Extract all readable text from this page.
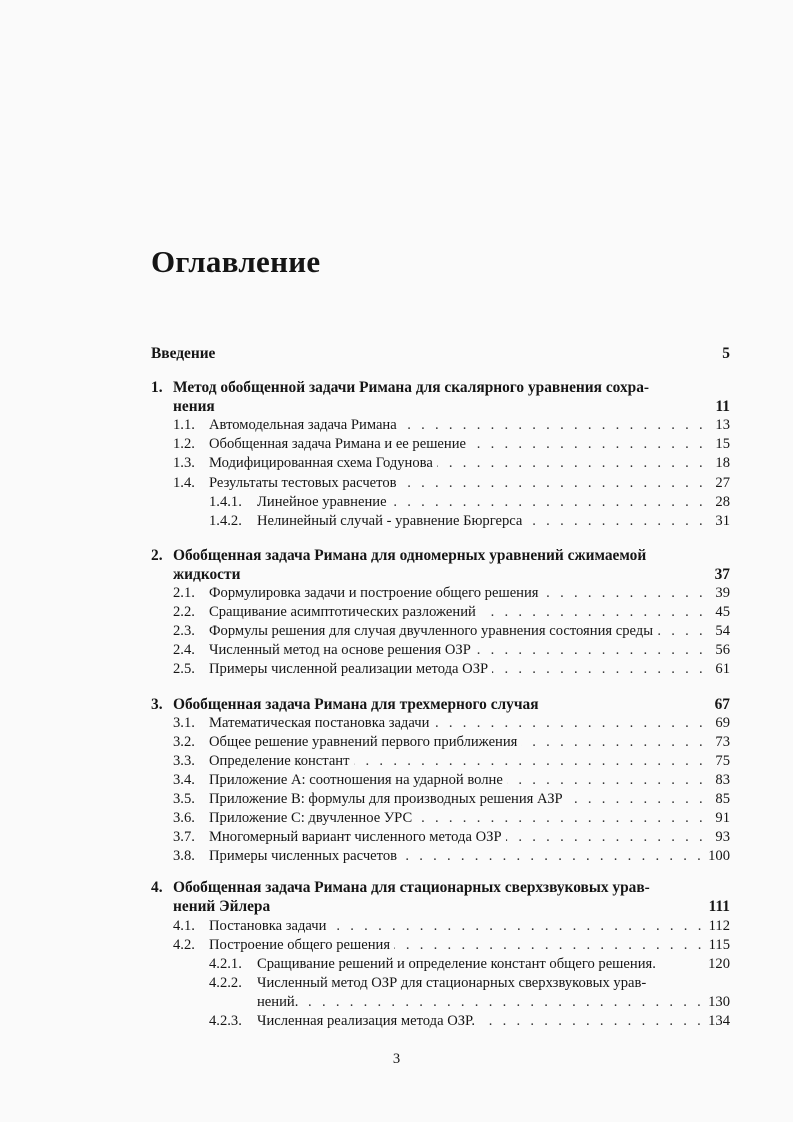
Оглавление
Введение	5
1. Метод обобщенной задачи Римана для скалярного уравнения сохра-
нения	11
1.1. Автомодельная задача Римана . . .	13
1.2. Обобщенная задача Римана и ее решение . . .	15
1.3. Модифицированная схема Годунова . . .	18
1.4. Результаты тестовых расчетов . . .	27
1.4.1.	Линейное уравнение . . .	28
1.4.2.	Нелинейный случай - уравнение Бюргерса . . .	31
2. Обобщенная задача Римана для одномерных уравнений сжимаемой
жидкости	37
2.1. Формулировка задачи и построение общего решения . . .	39
2.2. Сращивание асимптотических разложений . . .	45
2.3. Формулы решения для случая двучленного уравнения состояния среды . . .	54
2.4. Численный метод на основе решения ОЗР . . .	56
2.5. Примеры численной реализации метода ОЗР . . .	61
3. Обобщенная задача Римана для трехмерного случая	67
3.1. Математическая постановка задачи . . .	69
3.2. Общее решение уравнений первого приближения . . .	73
3.3. Определение констант . . .	75
3.4. Приложение A: соотношения на ударной волне . . .	83
3.5. Приложение B: формулы для производных решения АЗР . . .	85
3.6. Приложение C: двучленное УРС . . .	91
3.7. Многомерный вариант численного метода ОЗР . . .	93
3.8. Примеры численных расчетов . . .	100
4. Обобщенная задача Римана для стационарных сверхзвуковых урав-
нений Эйлера	111
4.1. Постановка задачи . . .	112
4.2. Построение общего решения . . .	115
4.2.1.	Сращивание решений и определение констант общего решения.	120
4.2.2.	Численный метод ОЗР для стационарных сверхзвуковых урав-
нений. . . .	130
4.2.3.	Численная реализация метода ОЗР. . . .	134
3
